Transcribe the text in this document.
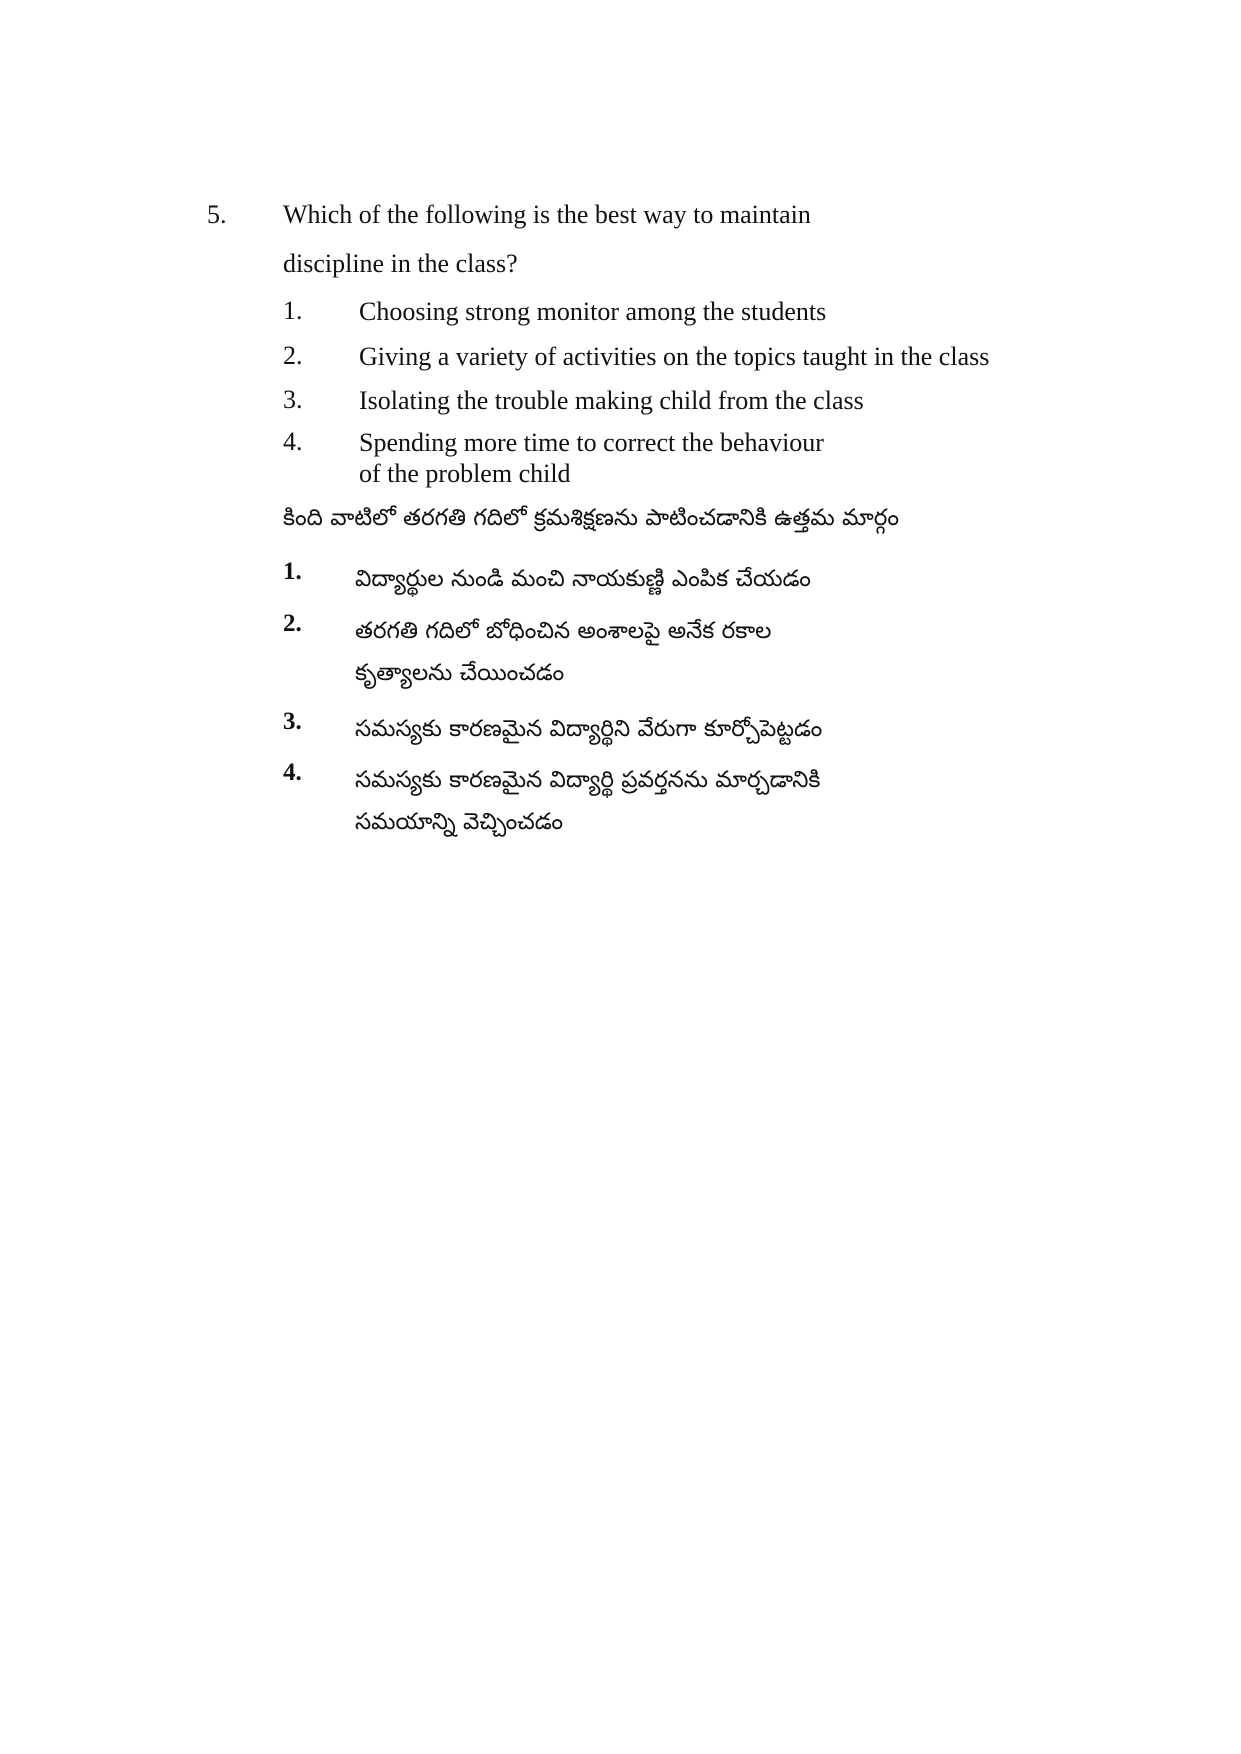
5. Which of the following is the best way to maintain
discipline in the class?
1. Choosing strong monitor among the students
2. Giving a variety of activities on the topics taught in the class
3. Isolating the trouble making child from the class
4. Spending more time to correct the behaviour
of the problem child
కింది వాటిలో తరగతి గదిలో క్రమశిక్షణను పాటించడానికి ఉత్తమ మార్గం
1. విద్యార్థుల నుండి మంచి నాయకుణ్ణి ఎంపిక చేయడం
2. తరగతి గదిలో బోధించిన అంశాలపై అనేక రకాల
కృత్యాలను చేయించడం
3. సమస్యకు కారణమైన విద్యార్థిని వేరుగా కూర్చోపెట్టడం
4. సమస్యకు కారణమైన విద్యార్థి ప్రవర్తనను మార్చడానికి
సమయాన్ని వెచ్చించడం
